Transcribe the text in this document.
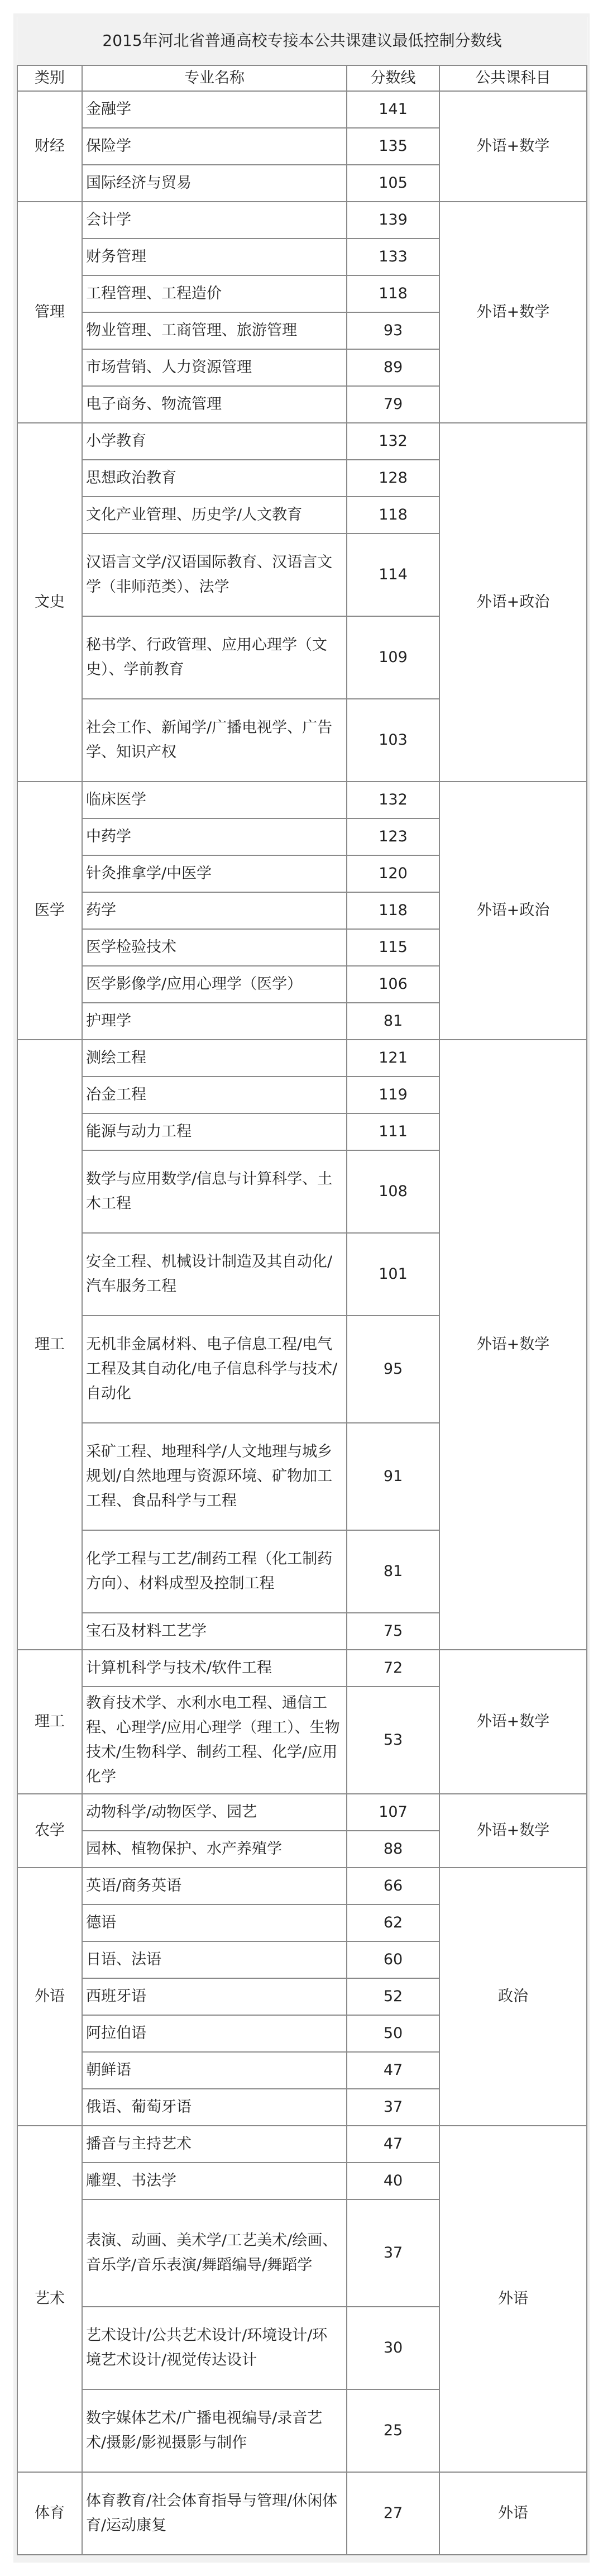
2015年河北省普通高校专接本公共课建议最低控制分数线			
类别	专业名称	分数线	公共课科目
财经	金融学	141	外语+数学

	保险学	135	

	国际经济与贸易	105	
管理	会计学	139	外语+数学

	财务管理	133	

	工程管理、工程造价	118	

	物业管理、工商管理、旅游管理	93	

	市场营销、人力资源管理	89	

	电子商务、物流管理	79	
文史	小学教育	132	外语+政治

	思想政治教育	128	

	文化产业管理、历史学/人文教育	118	

	汉语言文学/汉语国际教育、汉语言文学（非师范类）、法学	114	

	秘书学、行政管理、应用心理学（文史）、学前教育	109	

	社会工作、新闻学/广播电视学、广告学、知识产权	103	
医学	临床医学	132	外语+政治

	中药学	123	

	针灸推拿学/中医学	120	

	药学	118	

	医学检验技术	115	

	医学影像学/应用心理学（医学）	106	

	护理学	81	
理工	测绘工程	121	外语+数学

	冶金工程	119	

	能源与动力工程	111	

	数学与应用数学/信息与计算科学、土木工程	108	

	安全工程、机械设计制造及其自动化/汽车服务工程	101	

	无机非金属材料、电子信息工程/电气工程及其自动化/电子信息科学与技术/自动化	95	

	采矿工程、地理科学/人文地理与城乡规划/自然地理与资源环境、矿物加工工程、食品科学与工程	91	

	化学工程与工艺/制药工程（化工制药方向）、材料成型及控制工程	81	

	宝石及材料工艺学	75	
理工	计算机科学与技术/软件工程	72	外语+数学

	教育技术学、水利水电工程、通信工程、心理学/应用心理学（理工）、生物技术/生物科学、制药工程、化学/应用化学	53	
农学	动物科学/动物医学、园艺	107	外语+数学

	园林、植物保护、水产养殖学	88	
外语	英语/商务英语	66	政治

	德语	62	

	日语、法语	60	

	西班牙语	52	

	阿拉伯语	50	

	朝鲜语	47	

	俄语、葡萄牙语	37	
艺术	播音与主持艺术	47	外语

	雕塑、书法学	40	

	表演、动画、美术学/工艺美术/绘画、音乐学/音乐表演/舞蹈编导/舞蹈学	37	

	艺术设计/公共艺术设计/环境设计/环境艺术设计/视觉传达设计	30	

	数字媒体艺术/广播电视编导/录音艺术/摄影/影视摄影与制作	25	
体育	体育教育/社会体育指导与管理/休闲体育/运动康复	27	外语
